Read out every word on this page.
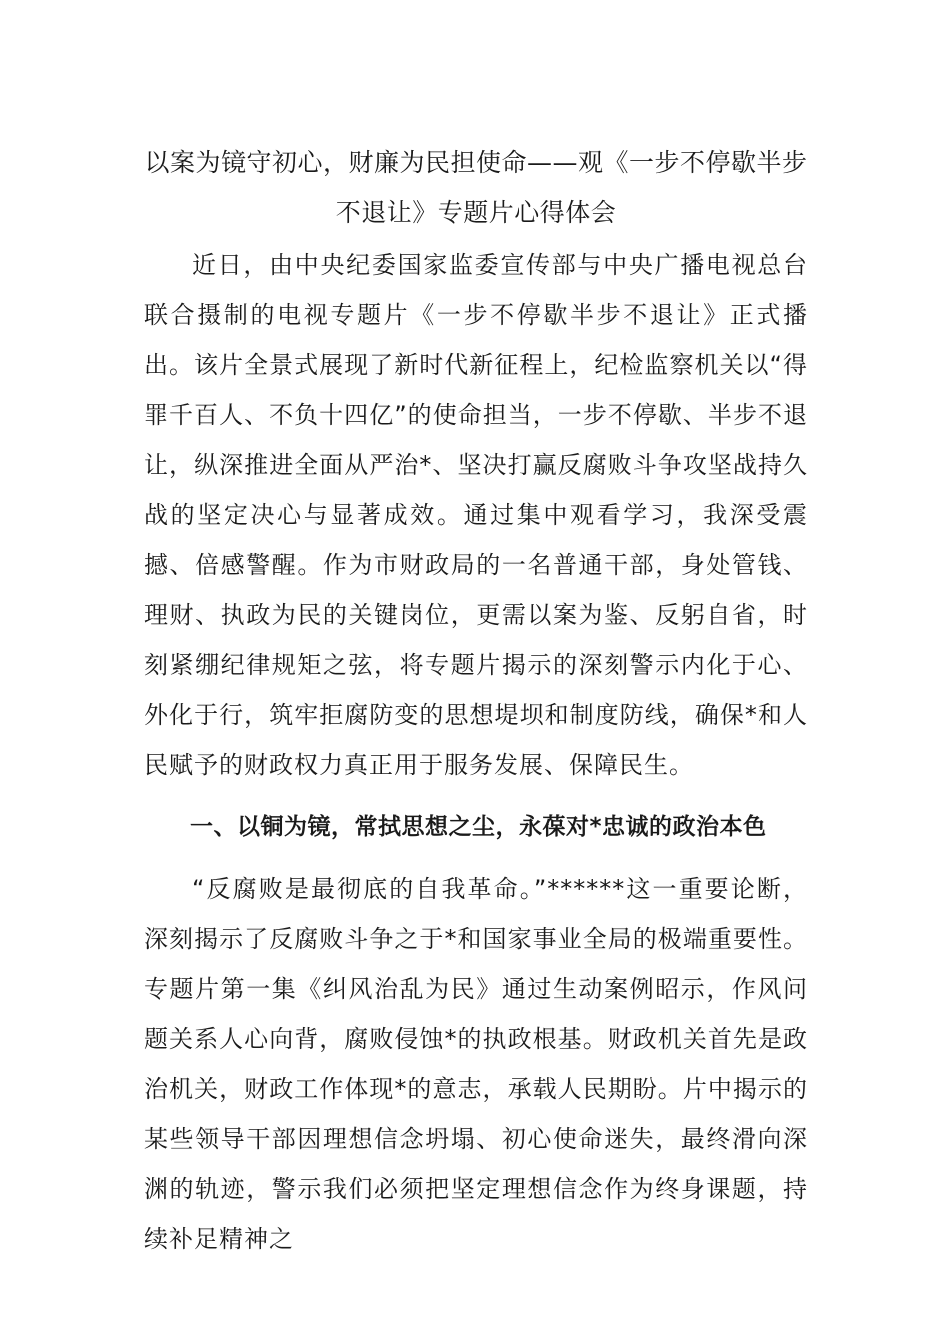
以案为镜守初心，财廉为民担使命——观《一步不停歇半步不退让》专题片心得体会

近日，由中央纪委国家监委宣传部与中央广播电视总台联合摄制的电视专题片《一步不停歇半步不退让》正式播出。该片全景式展现了新时代新征程上，纪检监察机关以“得罪千百人、不负十四亿”的使命担当，一步不停歇、半步不退让，纵深推进全面从严治*、坚决打赢反腐败斗争攻坚战持久战的坚定决心与显著成效。通过集中观看学习，我深受震撼、倍感警醒。作为市财政局的一名普通干部，身处管钱、理财、执政为民的关键岗位，更需以案为鉴、反躬自省，时刻紧绷纪律规矩之弦，将专题片揭示的深刻警示内化于心、外化于行，筑牢拒腐防变的思想堤坝和制度防线，确保*和人民赋予的财政权力真正用于服务发展、保障民生。

一、以铜为镜，常拭思想之尘，永葆对*忠诚的政治本色

“反腐败是最彻底的自我革命。”******这一重要论断，深刻揭示了反腐败斗争之于*和国家事业全局的极端重要性。专题片第一集《纠风治乱为民》通过生动案例昭示，作风问题关系人心向背，腐败侵蚀*的执政根基。财政机关首先是政治机关，财政工作体现*的意志，承载人民期盼。片中揭示的某些领导干部因理想信念坍塌、初心使命迷失，最终滑向深渊的轨迹，警示我们必须把坚定理想信念作为终身课题，持续补足精神之
